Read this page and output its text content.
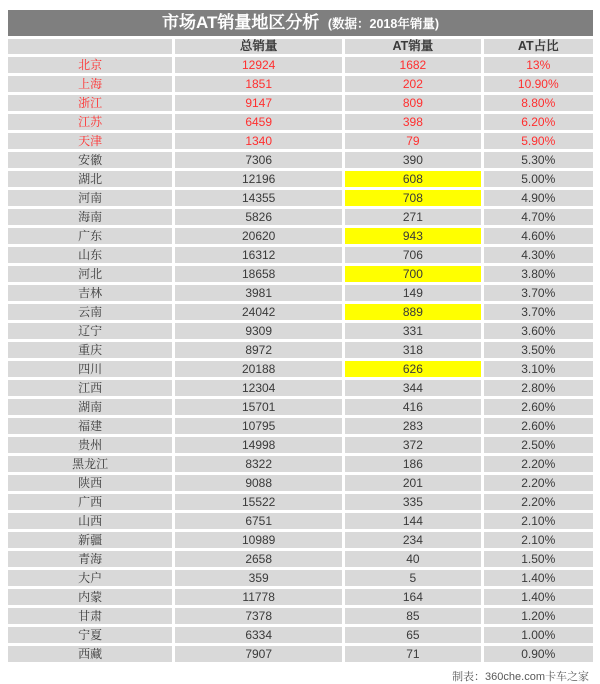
市场AT销量地区分析 (数据：2018年销量)
	总销量	AT销量	AT占比
北京	12924	1682	13%
上海	1851	202	10.90%
浙江	9147	809	8.80%
江苏	6459	398	6.20%
天津	1340	79	5.90%
安徽	7306	390	5.30%
湖北	12196	608	5.00%
河南	14355	708	4.90%
海南	5826	271	4.70%
广东	20620	943	4.60%
山东	16312	706	4.30%
河北	18658	700	3.80%
吉林	3981	149	3.70%
云南	24042	889	3.70%
辽宁	9309	331	3.60%
重庆	8972	318	3.50%
四川	20188	626	3.10%
江西	12304	344	2.80%
湖南	15701	416	2.60%
福建	10795	283	2.60%
贵州	14998	372	2.50%
黑龙江	8322	186	2.20%
陕西	9088	201	2.20%
广西	15522	335	2.20%
山西	6751	144	2.10%
新疆	10989	234	2.10%
青海	2658	40	1.50%
大户	359	5	1.40%
内蒙	11778	164	1.40%
甘肃	7378	85	1.20%
宁夏	6334	65	1.00%
西藏	7907	71	0.90%
制表：360che.com卡车之家
